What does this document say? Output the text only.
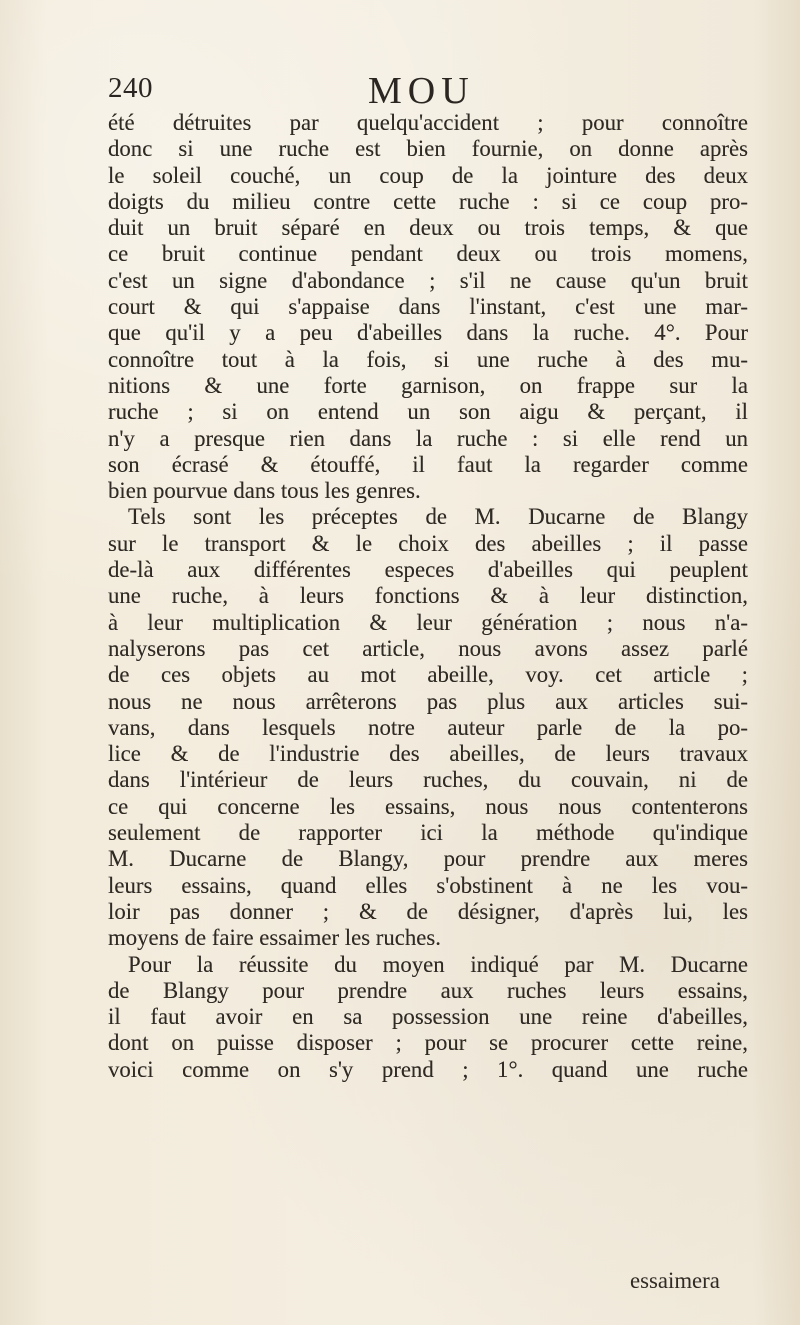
240	MOU
été détruites par quelqu'accident ; pour connoître
donc si une ruche est bien fournie, on donne après
le soleil couché, un coup de la jointure des deux
doigts du milieu contre cette ruche : si ce coup pro-
duit un bruit séparé en deux ou trois temps, & que
ce bruit continue pendant deux ou trois momens,
c'est un signe d'abondance ; s'il ne cause qu'un bruit
court & qui s'appaise dans l'instant, c'est une mar-
que qu'il y a peu d'abeilles dans la ruche. 4°. Pour
connoître tout à la fois, si une ruche à des mu-
nitions & une forte garnison, on frappe sur la
ruche ; si on entend un son aigu & perçant, il
n'y a presque rien dans la ruche : si elle rend un
son écrasé & étouffé, il faut la regarder comme
bien pourvue dans tous les genres.
Tels sont les préceptes de M. Ducarne de Blangy
sur le transport & le choix des abeilles ; il passe
de-là aux différentes especes d'abeilles qui peuplent
une ruche, à leurs fonctions & à leur distinction,
à leur multiplication & leur génération ; nous n'a-
nalyserons pas cet article, nous avons assez parlé
de ces objets au mot abeille, voy. cet article ;
nous ne nous arrêterons pas plus aux articles sui-
vans, dans lesquels notre auteur parle de la po-
lice & de l'industrie des abeilles, de leurs travaux
dans l'intérieur de leurs ruches, du couvain, ni de
ce qui concerne les essains, nous nous contenterons
seulement de rapporter ici la méthode qu'indique
M. Ducarne de Blangy, pour prendre aux meres
leurs essains, quand elles s'obstinent à ne les vou-
loir pas donner ; & de désigner, d'après lui, les
moyens de faire essaimer les ruches.
Pour la réussite du moyen indiqué par M. Ducarne
de Blangy pour prendre aux ruches leurs essains,
il faut avoir en sa possession une reine d'abeilles,
dont on puisse disposer ; pour se procurer cette reine,
voici comme on s'y prend ; 1°. quand une ruche
essaimera
